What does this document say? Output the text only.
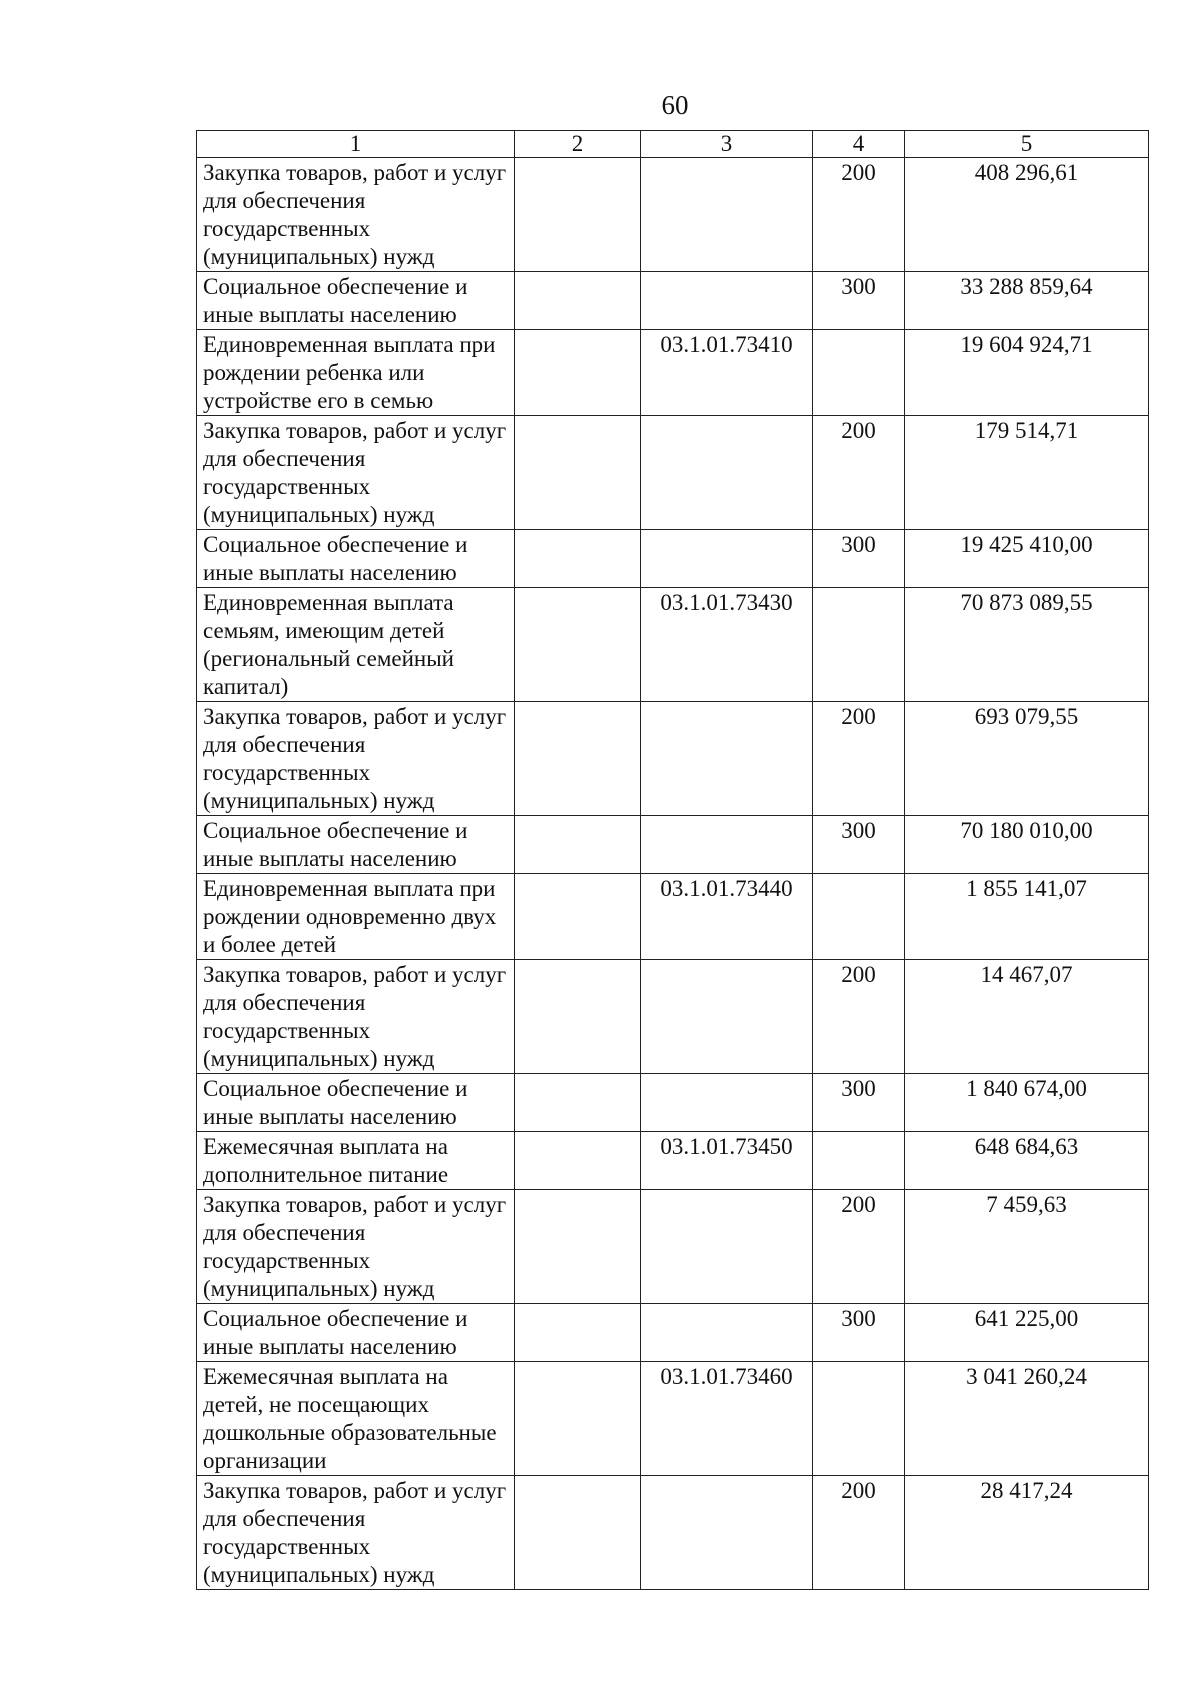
60
1	2	3	4	5
Закупка товаров, работ и услуг для обеспечения государственных (муниципальных) нужд			200	408 296,61
Социальное обеспечение и иные выплаты населению			300	33 288 859,64
Единовременная выплата при рождении ребенка или устройстве его в семью		03.1.01.73410		19 604 924,71
Закупка товаров, работ и услуг для обеспечения государственных (муниципальных) нужд			200	179 514,71
Социальное обеспечение и иные выплаты населению			300	19 425 410,00
Единовременная выплата семьям, имеющим детей (региональный семейный капитал)		03.1.01.73430		70 873 089,55
Закупка товаров, работ и услуг для обеспечения государственных (муниципальных) нужд			200	693 079,55
Социальное обеспечение и иные выплаты населению			300	70 180 010,00
Единовременная выплата при рождении одновременно двух и более детей		03.1.01.73440		1 855 141,07
Закупка товаров, работ и услуг для обеспечения государственных (муниципальных) нужд			200	14 467,07
Социальное обеспечение и иные выплаты населению			300	1 840 674,00
Ежемесячная выплата на дополнительное питание		03.1.01.73450		648 684,63
Закупка товаров, работ и услуг для обеспечения государственных (муниципальных) нужд			200	7 459,63
Социальное обеспечение и иные выплаты населению			300	641 225,00
Ежемесячная выплата на детей, не посещающих дошкольные образовательные организации		03.1.01.73460		3 041 260,24
Закупка товаров, работ и услуг для обеспечения государственных (муниципальных) нужд			200	28 417,24
